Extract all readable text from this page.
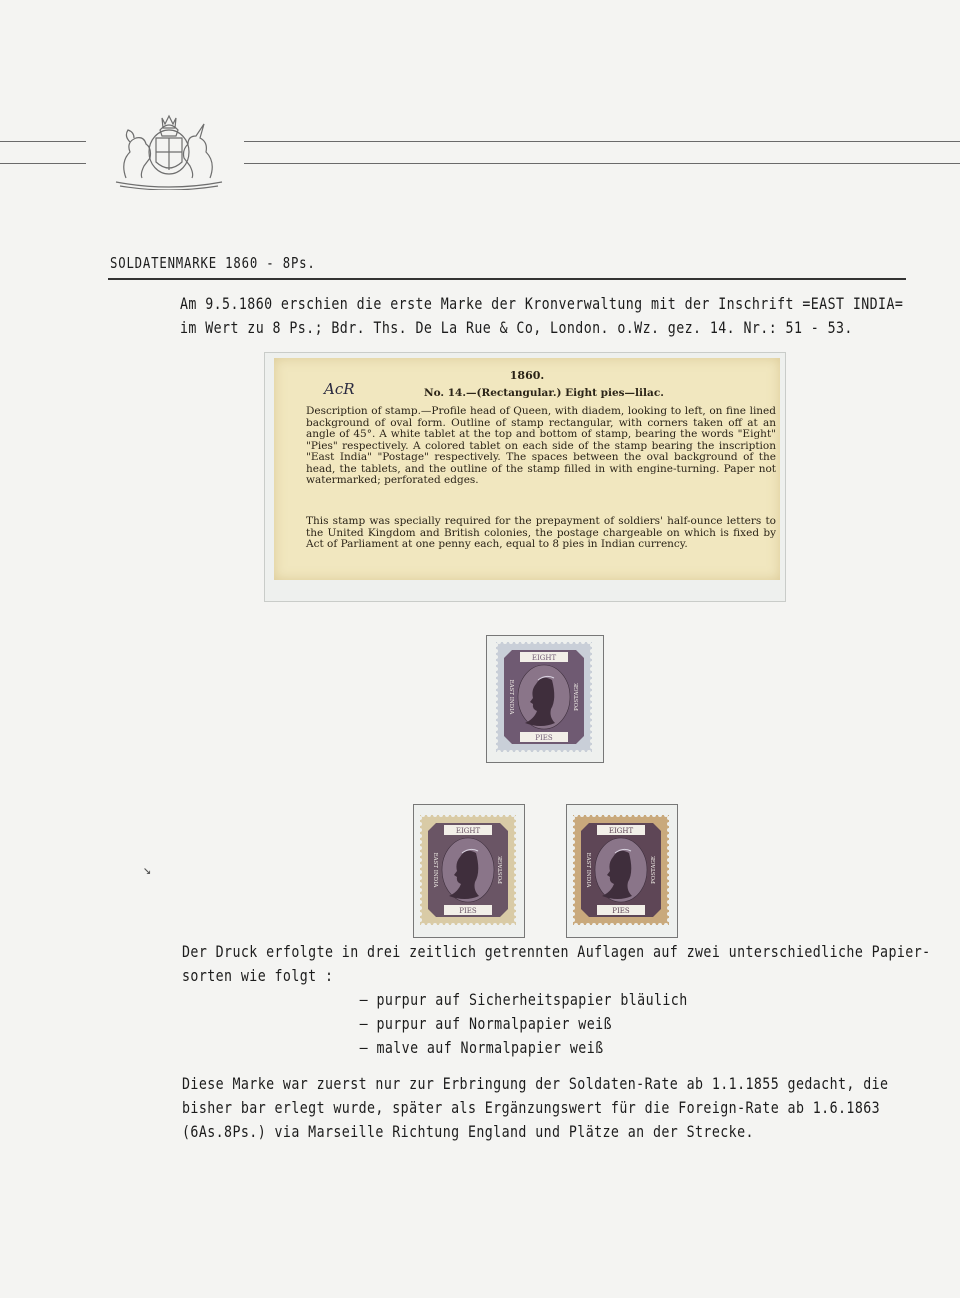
SOLDATENMARKE 1860 - 8Ps.
Am 9.5.1860 erschien die erste Marke der Kronverwaltung mit der Inschrift =EAST INDIA=
im Wert zu 8 Ps.; Bdr. Ths. De La Rue & Co, London. o.Wz. gez. 14. Nr.: 51 - 53.
1860.
AcR	No. 14.—(Rectangular.) Eight pies—lilac.

Description of stamp.—Profile head of Queen, with diadem, looking to left, on fine lined background of oval form. Outline of stamp rectangular, with corners taken off at an angle of 45°. A white tablet at the top and bottom of stamp, bearing the words "Eight" "Pies" respectively. A colored tablet on each side of the stamp bearing the inscription "East India" "Postage" respectively. The spaces between the oval background of the head, the tablets, and the outline of the stamp filled in with engine-turning. Paper not watermarked; perforated edges.

This stamp was specially required for the prepayment of soldiers' half-ounce letters to the United Kingdom and British colonies, the postage chargeable on which is fixed by Act of Parliament at one penny each, equal to 8 pies in Indian currency.

EIGHT
PIES
EAST INDIA	POSTAGE
EIGHT
PIES
EAST INDIA	POSTAGE
EIGHT
PIES
EAST INDIA	POSTAGE
↘
Der Druck erfolgte in drei zeitlich getrennten Auflagen auf zwei unterschiedliche Papier-
sorten wie folgt :
– purpur auf Sicherheitspapier bläulich
– purpur auf Normalpapier weiß
– malve auf Normalpapier weiß
Diese Marke war zuerst nur zur Erbringung der Soldaten-Rate ab 1.1.1855 gedacht, die
bisher bar erlegt wurde, später als Ergänzungswert für die Foreign-Rate ab 1.6.1863
(6As.8Ps.) via Marseille Richtung England und Plätze an der Strecke.
